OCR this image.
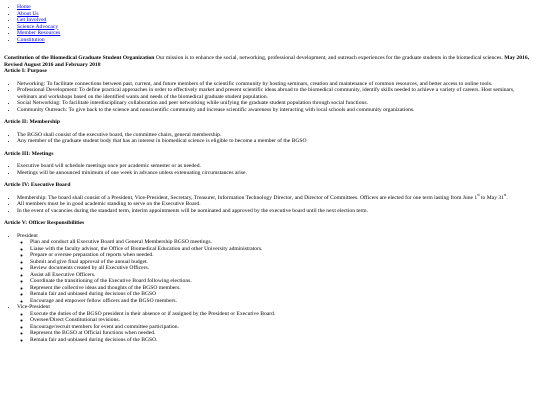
• Home
• About Us
• Get Involved
• Science Advocacy
• Member Resources
• Constitution

Constitution of the Biomedical Graduate Student Organization Our mission is to enhance the social, networking, professional development, and outreach experiences for the graduate students in the biomedical sciences. May 2016, Revised August 2016 and February 2018

Article I: Purpose
• Networking: To facilitate connections between past, current, and future members of the scientific community by hosting seminars, creation and maintenance of common resources, and better access to online tools.
• Professional Development: To define practical approaches in order to effectively market and present scientific ideas abroad to the biomedical community, identify skills needed to achieve a variety of careers. Host seminars, webinars and workshops based on the identified wants and needs of the biomedical graduate student population.
• Social Networking: To facilitate interdisciplinary collaboration and peer networking while unifying the graduate student population through social functions.
• Community Outreach: To give back to the science and nonscientific community and increase scientific awareness by interacting with local schools and community organizations.
Article II: Membership
• The BGSO shall consist of the executive board, the committee chairs, general membership.
• Any member of the graduate student body that has an interest in biomedical science is eligible to become a member of the BGSO
Article III: Meetings
• Executive board will schedule meetings once per academic semester or as needed.
• Meetings will be announced minimum of one week in advance unless extenuating circumstances arise.
Article IV: Executive Board
• Membership: The board shall consist of a President, Vice-President, Secretary, Treasurer, Information Technology Director, and Director of Committees. Officers are elected for one term lasting from June 1st to May 31st.
• All members must be in good academic standing to serve on the Executive Board.
• In the event of vacancies during the standard term, interim appointments will be nominated and approved by the executive board until the next election term.
Article V: Officer Responsibilities
• President
◦ Plan and conduct all Executive Board and General Membership BGSO meetings.
◦ Liaise with the faculty advisor, the Office of Biomedical Education and other University administrators.
◦ Prepare or oversee preparation of reports when needed.
◦ Submit and give final approval of the annual budget.
◦ Review documents created by all Executive Officers.
◦ Assist all Executive Officers.
◦ Coordinate the transitioning of the Executive Board following elections.
◦ Represent the collective ideas and thoughts of the BGSO members.
◦ Remain fair and unbiased during decisions of the BGSO
◦ Encourage and empower fellow officers and the BGSO members.
• Vice-President
◦ Execute the duties of the BGSO president in their absence or if assigned by the President or Executive Board.
◦ Oversee/Direct Constitutional revisions.
◦ Encourage/recruit members for event and committee participation.
◦ Represent the BGSO at Official functions when needed.
◦ Remain fair and unbiased during decisions of the BGSO.
